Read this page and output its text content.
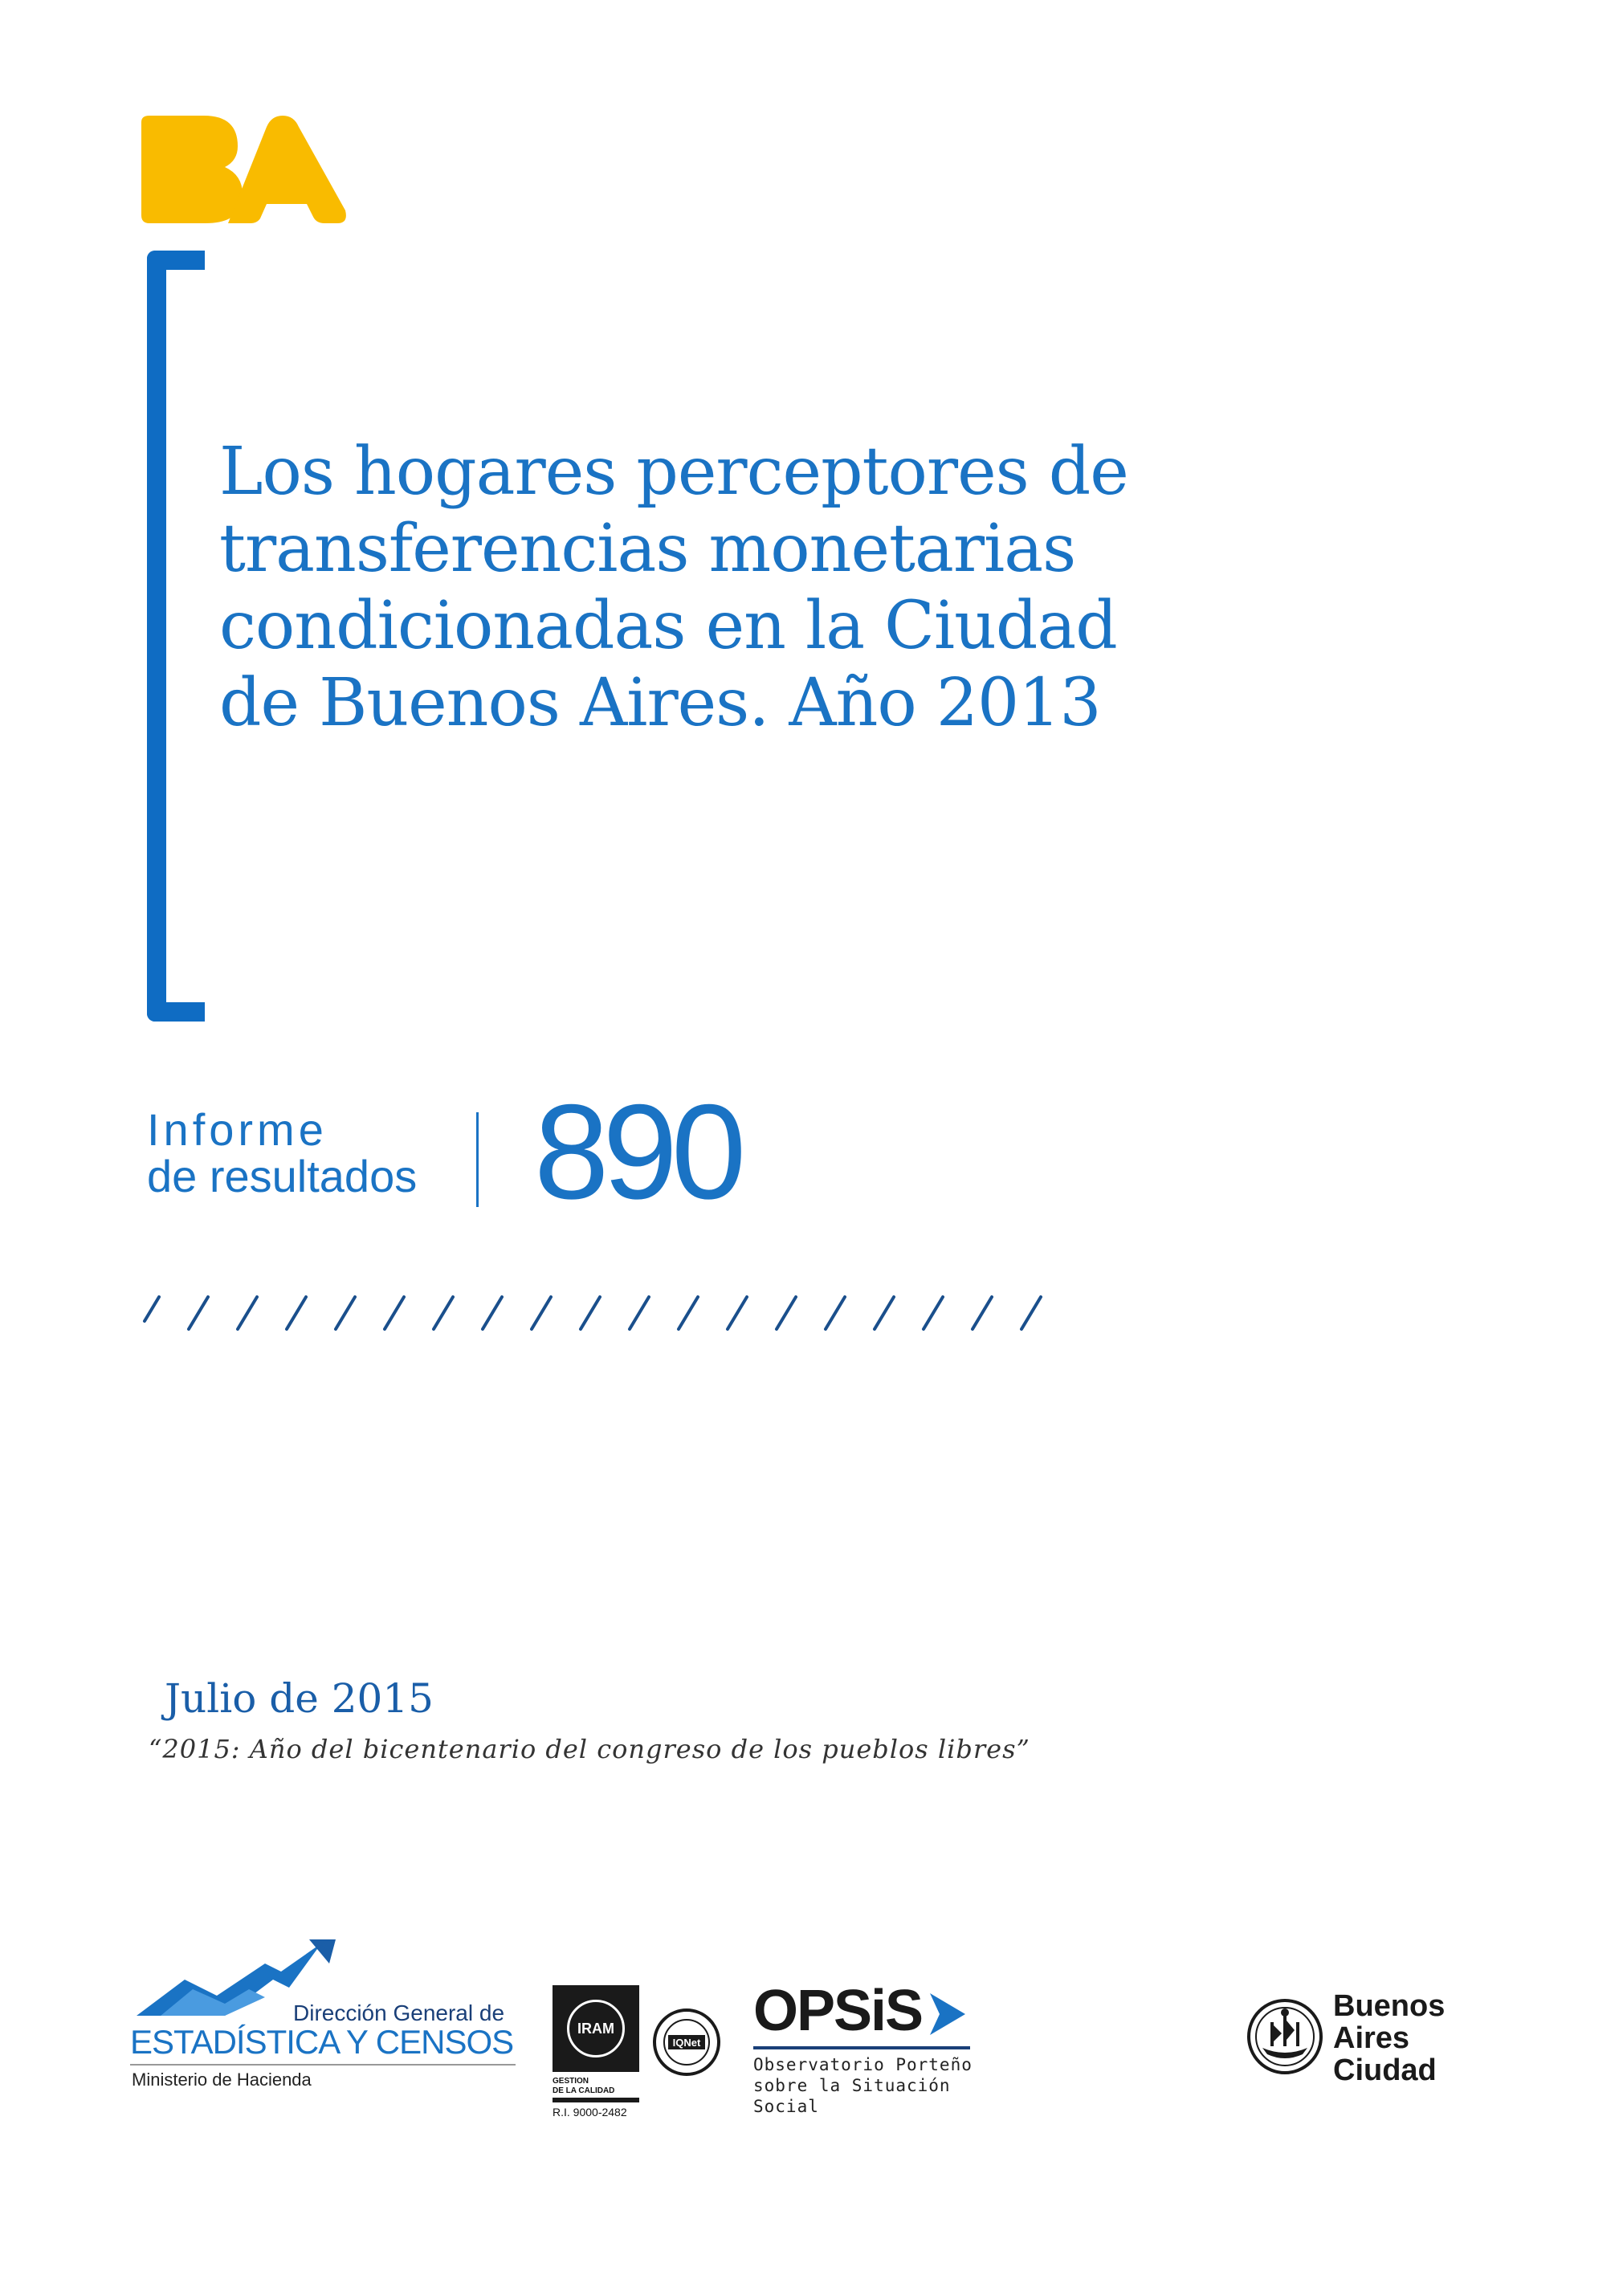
Los hogares perceptores de
transferencias monetarias
condicionadas en la Ciudad
de Buenos Aires. Año 2013
Informe
de resultados 890
Julio de 2015
“2015: Año del bicentenario del congreso de los pueblos libres”
Dirección General de
ESTADÍSTICA Y CENSOS
Ministerio de Hacienda
IRAM
GESTION
DE LA CALIDAD
R.I. 9000-2482
IQNet OPSiS
Observatorio Porteño
sobre la Situación Social
Buenos
Aires
Ciudad
